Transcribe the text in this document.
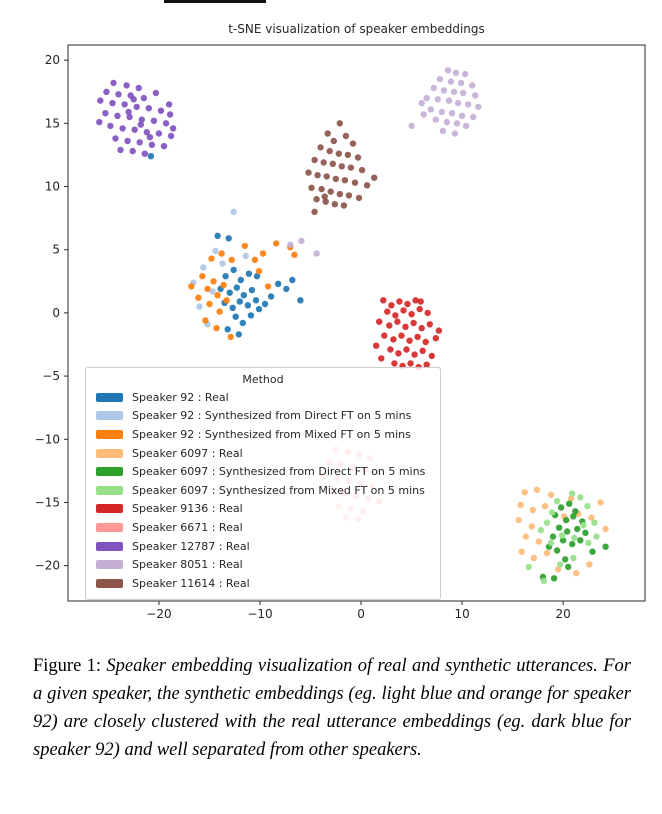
t-SNE visualization of speaker embeddings
−20	−10	0	10	20
−20
−15
−10
−5
0
5
10
15
20
Method
Speaker 92 : Real
Speaker 92 : Synthesized from Direct FT on 5 mins
Speaker 92 : Synthesized from Mixed FT on 5 mins
Speaker 6097 : Real
Speaker 6097 : Synthesized from Direct FT on 5 mins
Speaker 6097 : Synthesized from Mixed FT on 5 mins
Speaker 9136 : Real
Speaker 6671 : Real
Speaker 12787 : Real
Speaker 8051 : Real
Speaker 11614 : Real
Figure 1: Speaker embedding visualization of real and synthetic utterances. For a given speaker, the synthetic embeddings (eg. light blue and orange for speaker 92) are closely clustered with the real utterance embeddings (eg. dark blue for speaker 92) and well separated from other speakers.
